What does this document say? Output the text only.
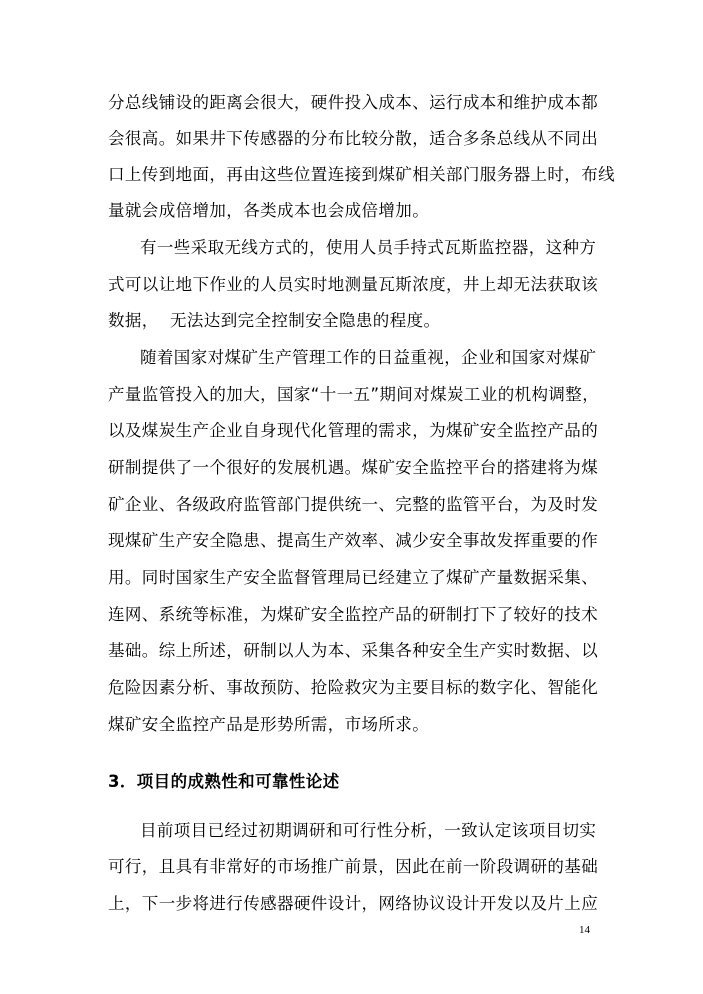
分总线铺设的距离会很大，硬件投入成本、运行成本和维护成本都
会很高。如果井下传感器的分布比较分散，适合多条总线从不同出
口上传到地面，再由这些位置连接到煤矿相关部门服务器上时，布线
量就会成倍增加，各类成本也会成倍增加。
有一些采取无线方式的，使用人员手持式瓦斯监控器，这种方
式可以让地下作业的人员实时地测量瓦斯浓度，井上却无法获取该
数据，  无法达到完全控制安全隐患的程度。
随着国家对煤矿生产管理工作的日益重视，企业和国家对煤矿
产量监管投入的加大，国家“十一五”期间对煤炭工业的机构调整，
以及煤炭生产企业自身现代化管理的需求，为煤矿安全监控产品的
研制提供了一个很好的发展机遇。煤矿安全监控平台的搭建将为煤
矿企业、各级政府监管部门提供统一、完整的监管平台，为及时发
现煤矿生产安全隐患、提高生产效率、减少安全事故发挥重要的作
用。同时国家生产安全监督管理局已经建立了煤矿产量数据采集、
连网、系统等标准，为煤矿安全监控产品的研制打下了较好的技术
基础。综上所述，研制以人为本、采集各种安全生产实时数据、以
危险因素分析、事故预防、抢险救灾为主要目标的数字化、智能化
煤矿安全监控产品是形势所需，市场所求。
3．项目的成熟性和可靠性论述
目前项目已经过初期调研和可行性分析，一致认定该项目切实
可行，且具有非常好的市场推广前景，因此在前一阶段调研的基础
上，下一步将进行传感器硬件设计，网络协议设计开发以及片上应
14
